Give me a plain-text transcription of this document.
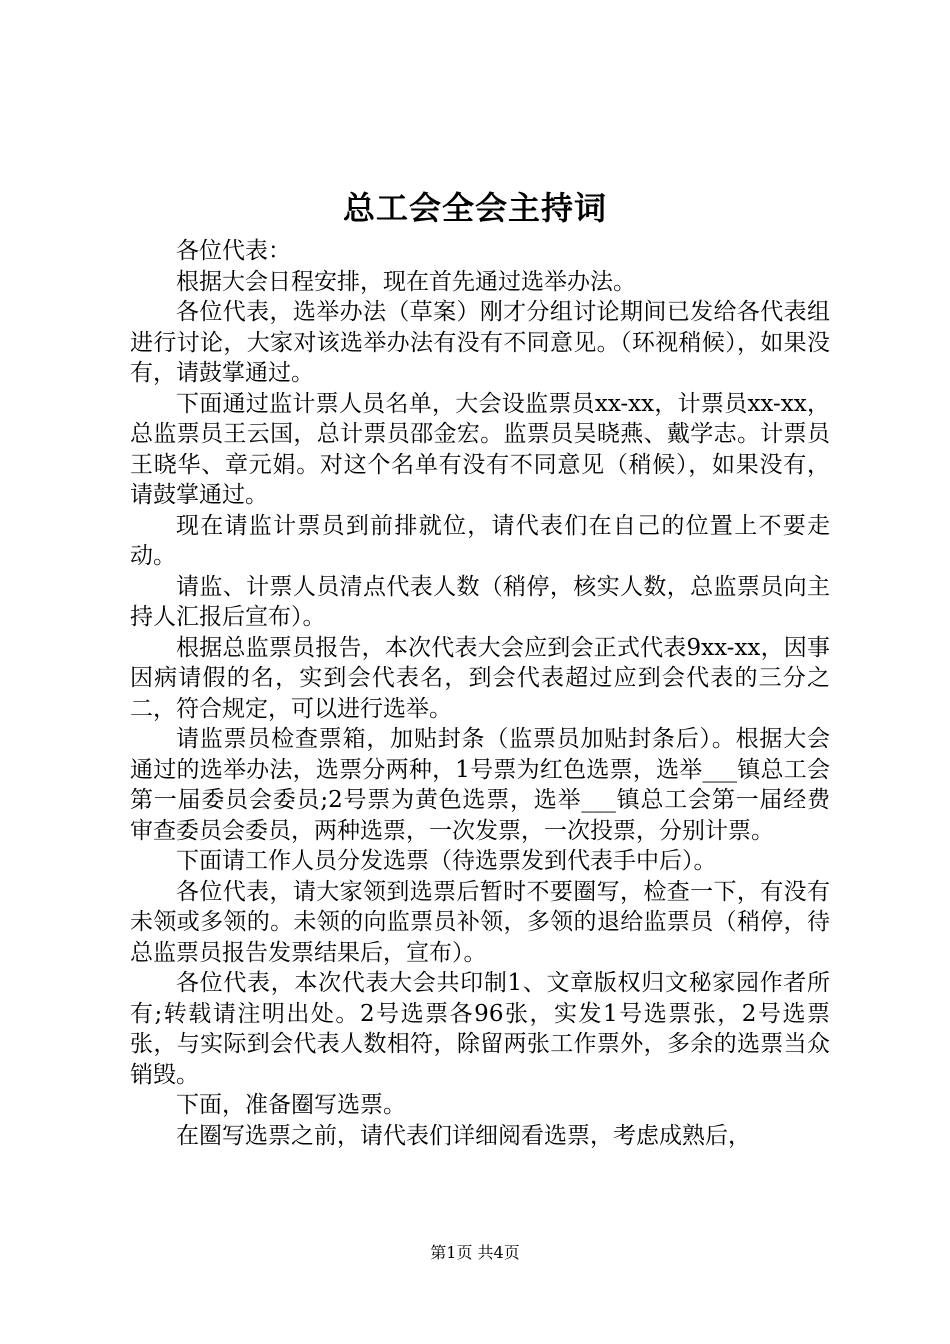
总工会全会主持词

各位代表：

根据大会日程安排，现在首先通过选举办法。

各位代表，选举办法（草案）刚才分组讨论期间已发给各代表组进行讨论，大家对该选举办法有没有不同意见。（环视稍候），如果没有，请鼓掌通过。

下面通过监计票人员名单，大会设监票员xx-xx，计票员xx-xx，总监票员王云国，总计票员邵金宏。监票员吴晓燕、戴学志。计票员王晓华、章元娟。对这个名单有没有不同意见（稍候），如果没有，请鼓掌通过。

现在请监计票员到前排就位，请代表们在自己的位置上不要走动。

请监、计票人员清点代表人数（稍停，核实人数，总监票员向主持人汇报后宣布）。

根据总监票员报告，本次代表大会应到会正式代表9xx-xx，因事因病请假的名，实到会代表名，到会代表超过应到会代表的三分之二，符合规定，可以进行选举。

请监票员检查票箱，加贴封条（监票员加贴封条后）。根据大会通过的选举办法，选票分两种，1号票为红色选票，选举___镇总工会第一届委员会委员;2号票为黄色选票，选举___镇总工会第一届经费审查委员会委员，两种选票，一次发票，一次投票，分别计票。

下面请工作人员分发选票（待选票发到代表手中后）。

各位代表，请大家领到选票后暂时不要圈写，检查一下，有没有未领或多领的。未领的向监票员补领，多领的退给监票员（稍停，待总监票员报告发票结果后，宣布）。

各位代表，本次代表大会共印制1、文章版权归文秘家园作者所有;转载请注明出处。2号选票各96张，实发1号选票张，2号选票张，与实际到会代表人数相符，除留两张工作票外，多余的选票当众销毁。

下面，准备圈写选票。

在圈写选票之前，请代表们详细阅看选票，考虑成熟后，

第1页 共4页
